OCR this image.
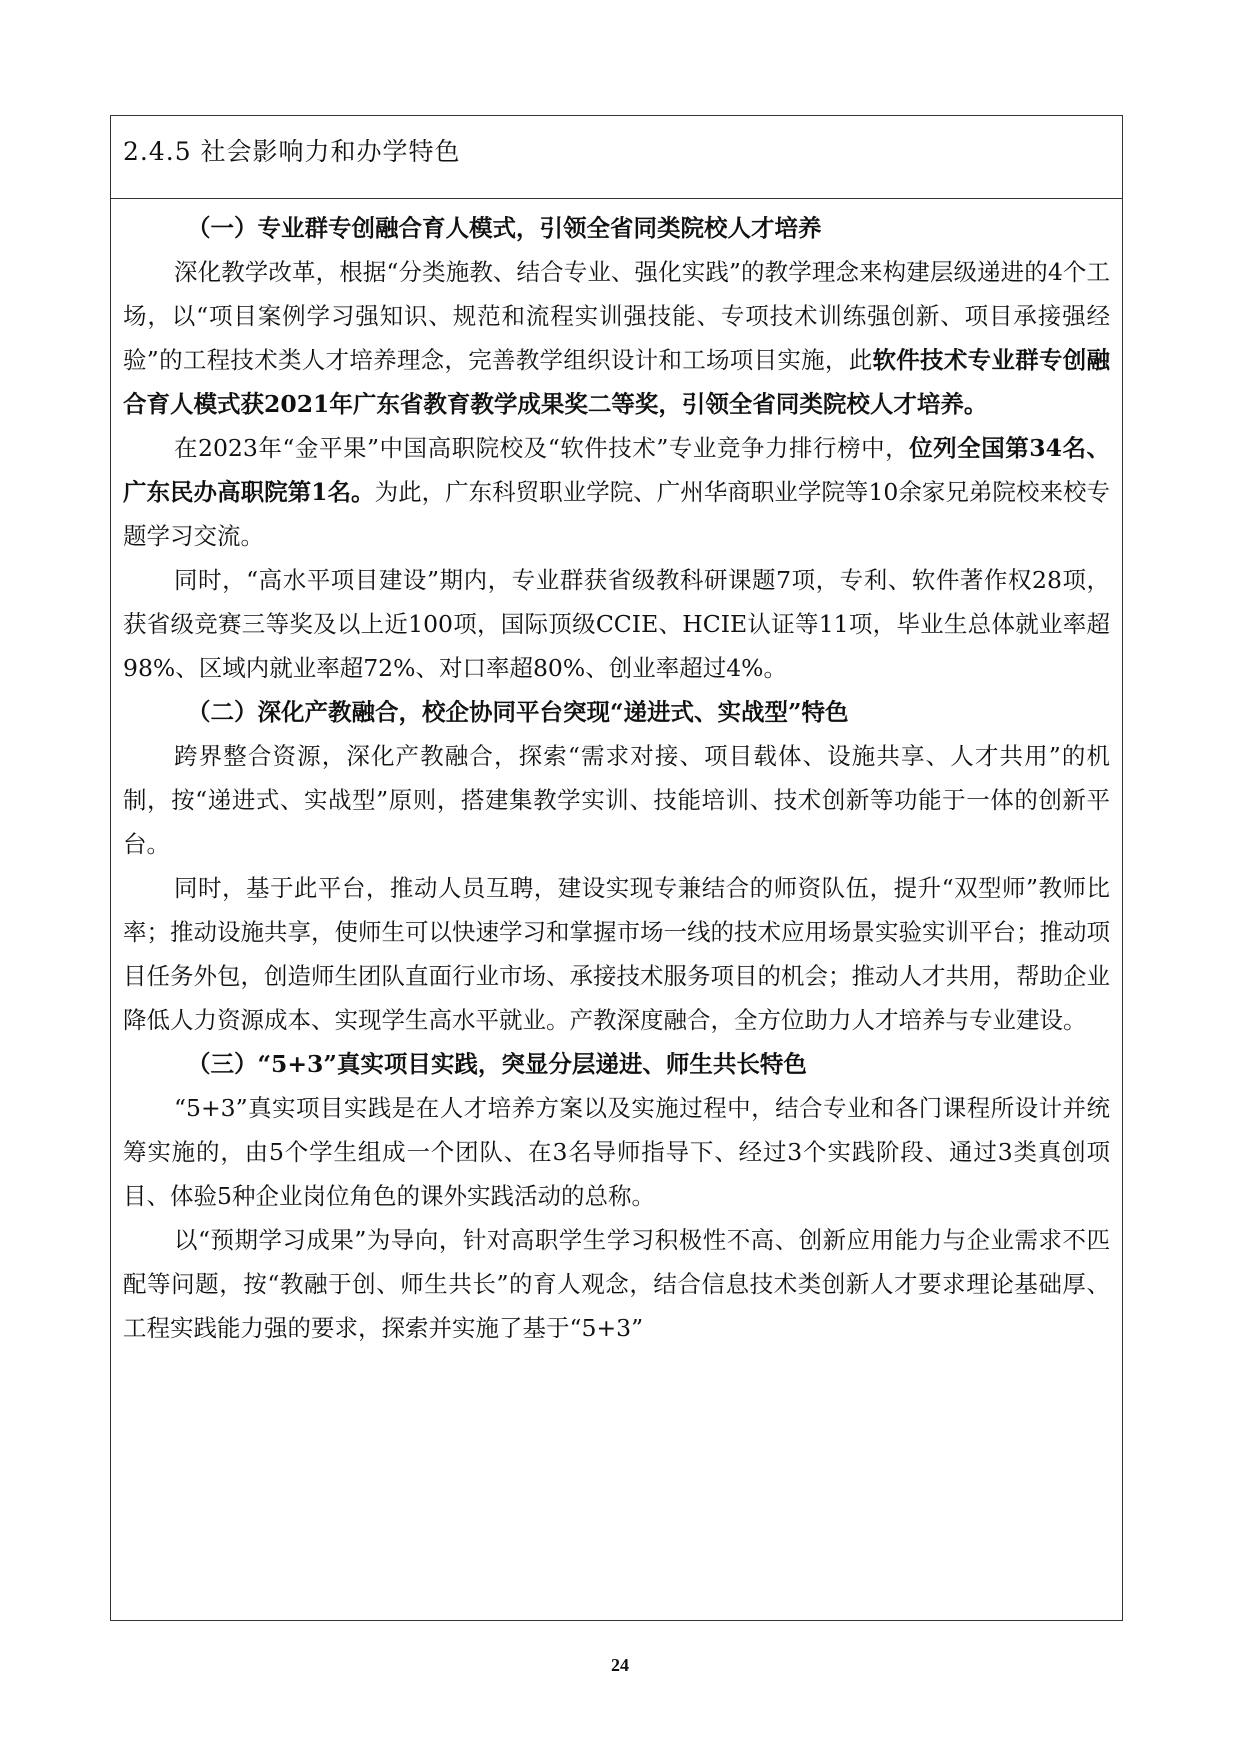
2.4.5 社会影响力和办学特色

（一）专业群专创融合育人模式，引领全省同类院校人才培养

深化教学改革，根据“分类施教、结合专业、强化实践”的教学理念来构建层级递进的4个工场，以“项目案例学习强知识、规范和流程实训强技能、专项技术训练强创新、项目承接强经验”的工程技术类人才培养理念，完善教学组织设计和工场项目实施，此软件技术专业群专创融合育人模式获2021年广东省教育教学成果奖二等奖，引领全省同类院校人才培养。

在2023年“金平果”中国高职院校及“软件技术”专业竞争力排行榜中，位列全国第34名、广东民办高职院第1名。为此，广东科贸职业学院、广州华商职业学院等10余家兄弟院校来校专题学习交流。

同时，“高水平项目建设”期内，专业群获省级教科研课题7项，专利、软件著作权28项，获省级竞赛三等奖及以上近100项，国际顶级CCIE、HCIE认证等11项，毕业生总体就业率超98%、区域内就业率超72%、对口率超80%、创业率超过4%。

（二）深化产教融合，校企协同平台突现“递进式、实战型”特色

跨界整合资源，深化产教融合，探索“需求对接、项目载体、设施共享、人才共用”的机制，按“递进式、实战型”原则，搭建集教学实训、技能培训、技术创新等功能于一体的创新平台。

同时，基于此平台，推动人员互聘，建设实现专兼结合的师资队伍，提升“双型师”教师比率；推动设施共享，使师生可以快速学习和掌握市场一线的技术应用场景实验实训平台；推动项目任务外包，创造师生团队直面行业市场、承接技术服务项目的机会；推动人才共用，帮助企业降低人力资源成本、实现学生高水平就业。产教深度融合，全方位助力人才培养与专业建设。

（三）“5+3”真实项目实践，突显分层递进、师生共长特色

“5+3”真实项目实践是在人才培养方案以及实施过程中，结合专业和各门课程所设计并统筹实施的，由5个学生组成一个团队、在3名导师指导下、经过3个实践阶段、通过3类真创项目、体验5种企业岗位角色的课外实践活动的总称。

以“预期学习成果”为导向，针对高职学生学习积极性不高、创新应用能力与企业需求不匹配等问题，按“教融于创、师生共长”的育人观念，结合信息技术类创新人才要求理论基础厚、工程实践能力强的要求，探索并实施了基于“5+3”

24
